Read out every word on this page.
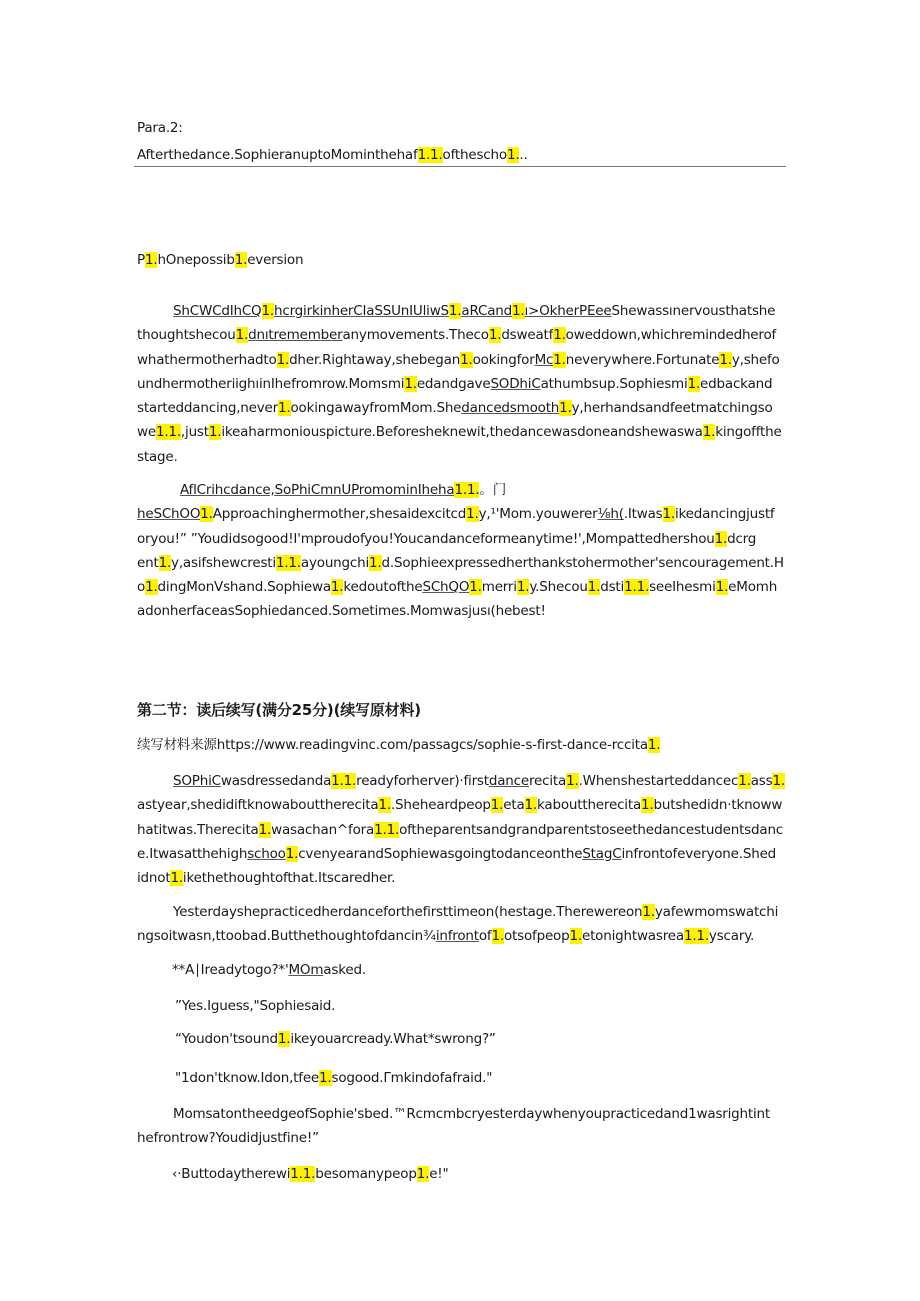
Para.2:
Afterthedance.SophieranuptoMominthehaf1.1.ofthescho1...
P1.hOnepossib1.eversion
ShCWCdIhCQ1.hcrgirkinherCIaSSUnIUliwS1.aRCand1.ı>OkherPEeeShewassınervousthatshe
thoughtshecou1.dnıtrememberanymovements.Theco1.dsweatf1.oweddown,whichremindedherof
whathermotherhadto1.dher.Rightaway,shebegan1.ookingforMc1.neverywhere.Fortunate1.y,shefo
undhermotheriighıinIhefromrow.Momsmi1.edandgaveSODhiCathumbsup.Sophiesmi1.edbackand
starteddancing,never1.ookingawayfromMom.Shedancedsmooth1.y,herhandsandfeetmatchingso
we1.1.,just1.ikeaharmoniouspicture.Beforesheknewit,thedancewasdoneandshewaswa1.kingoffthe
stage.
AflCrihcdance,SoPhiCmnUPromominIheha1.1.。门
heSChOO1.Approachinghermother,shesaidexcitcd1.y,¹'Mom.youwerer⅛h(.Itwas1.ikedancingjustf
oryou!” ”Youdidsogood!I'mproudofyou!Youcandanceformeanytime!',Mompattedhershou1.dcrg
ent1.y,asifshewcresti1.1.ayoungchi1.d.Sophieexpressedherthankstohermother'sencouragement.H
o1.dingMonVshand.Sophiewa1.kedoutoftheSChQO1.merri1.y.Shecou1.dsti1.1.seeIhesmi1.eMomh
adonherfaceasSophiedanced.Sometimes.Momwasjusı(hebest!
第二节：读后续写(满分25分)(续写原材料)
续写材料来源https://www.readingvinc.com/passagcs/sophie-s-first-dance-rccita1.
SOPhiCwasdressedanda1.1.readyforherver)·firstdancerecita1..Whenshestarteddancec1.ass1.
astyear,shedidiftknowabouttherecita1..Sheheardpeop1.eta1.kabouttherecita1.butshedidn·tknoww
hatitwas.Therecita1.wasachan^fora1.1.oftheparentsandgrandparentstoseethedancestudentsdanc
e.Itwasatthehighschoo1.cvenyearandSophiewasgoingtodanceontheStagCinfrontofeveryone.Shed
idnot1.ikethethoughtofthat.Itscaredher.
Yesterdayshepracticedherdanceforthefirsttimeon(hestage.Therewereon1.yafewmomswatchi
ngsoitwasn,ttoobad.Butthethoughtofdancin¾infrontof1.otsofpeop1.etonightwasrea1.1.yscary.
**A∣Ireadytogo?*'MOmasked.
”Yes.Iguess,"Sophiesaid.
“Youdon'tsound1.ikeyouarcready.What*swrong?”
"1don'tknow.Idon,tfee1.sogood.Γmkindofafraid."
MomsatontheedgeofSophie'sbed.™Rcmcmbcryesterdaywhenyoupracticedand1wasrightint
hefrontrow?Youdidjustfine!”
‹·Buttodaytherewi1.1.besomanypeop1.e!"
